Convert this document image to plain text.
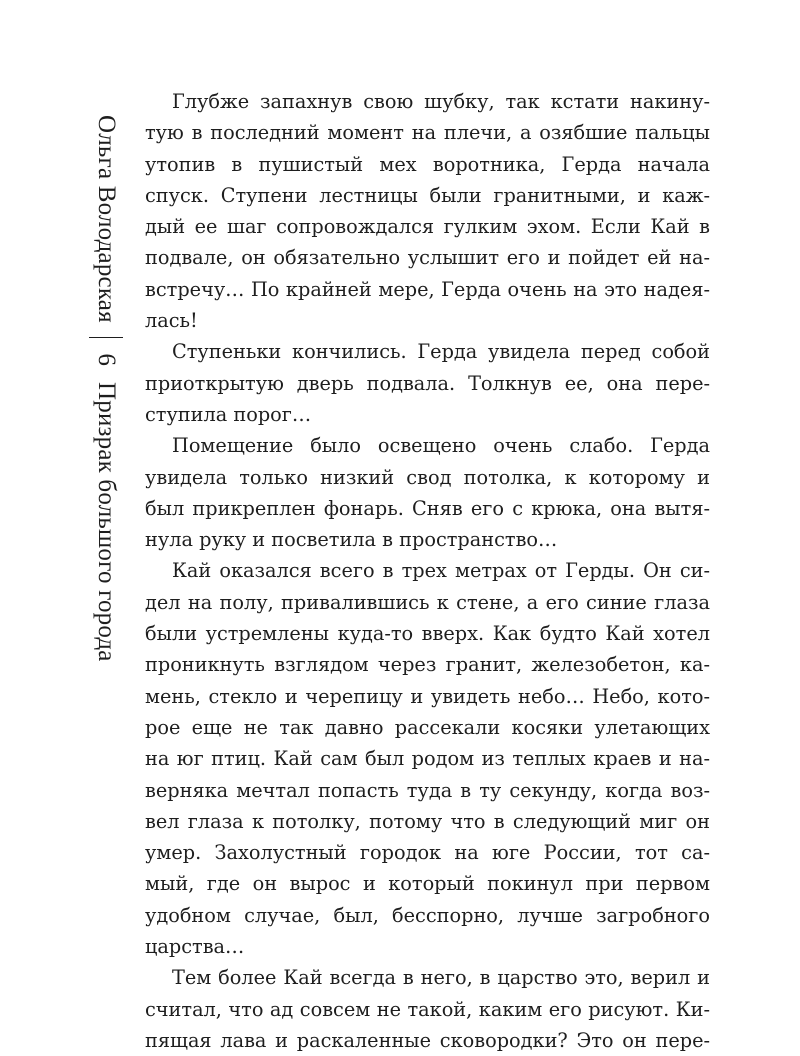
Ольга Володарская
6
Призрак большого города
Глубже запахнув свою шубку, так кстати накину-
тую в последний момент на плечи, а озябшие пальцы
утопив в пушистый мех воротника, Герда начала
спуск. Ступени лестницы были гранитными, и каж-
дый ее шаг сопровождался гулким эхом. Если Кай в
подвале, он обязательно услышит его и пойдет ей на-
встречу… По крайней мере, Герда очень на это надея-
лась!
Ступеньки кончились. Герда увидела перед собой
приоткрытую дверь подвала. Толкнув ее, она пере-
ступила порог…
Помещение было освещено очень слабо. Герда
увидела только низкий свод потолка, к которому и
был прикреплен фонарь. Сняв его с крюка, она вытя-
нула руку и посветила в пространство…
Кай оказался всего в трех метрах от Герды. Он си-
дел на полу, привалившись к стене, а его синие глаза
были устремлены куда-то вверх. Как будто Кай хотел
проникнуть взглядом через гранит, железобетон, ка-
мень, стекло и черепицу и увидеть небо… Небо, кото-
рое еще не так давно рассекали косяки улетающих
на юг птиц. Кай сам был родом из теплых краев и на-
верняка мечтал попасть туда в ту секунду, когда воз-
вел глаза к потолку, потому что в следующий миг он
умер. Захолустный городок на юге России, тот са-
мый, где он вырос и который покинул при первом
удобном случае, был, бесспорно, лучше загробного
царства…
Тем более Кай всегда в него, в царство это, верил и
считал, что ад совсем не такой, каким его рисуют. Ки-
пящая лава и раскаленные сковородки? Это он пере-
